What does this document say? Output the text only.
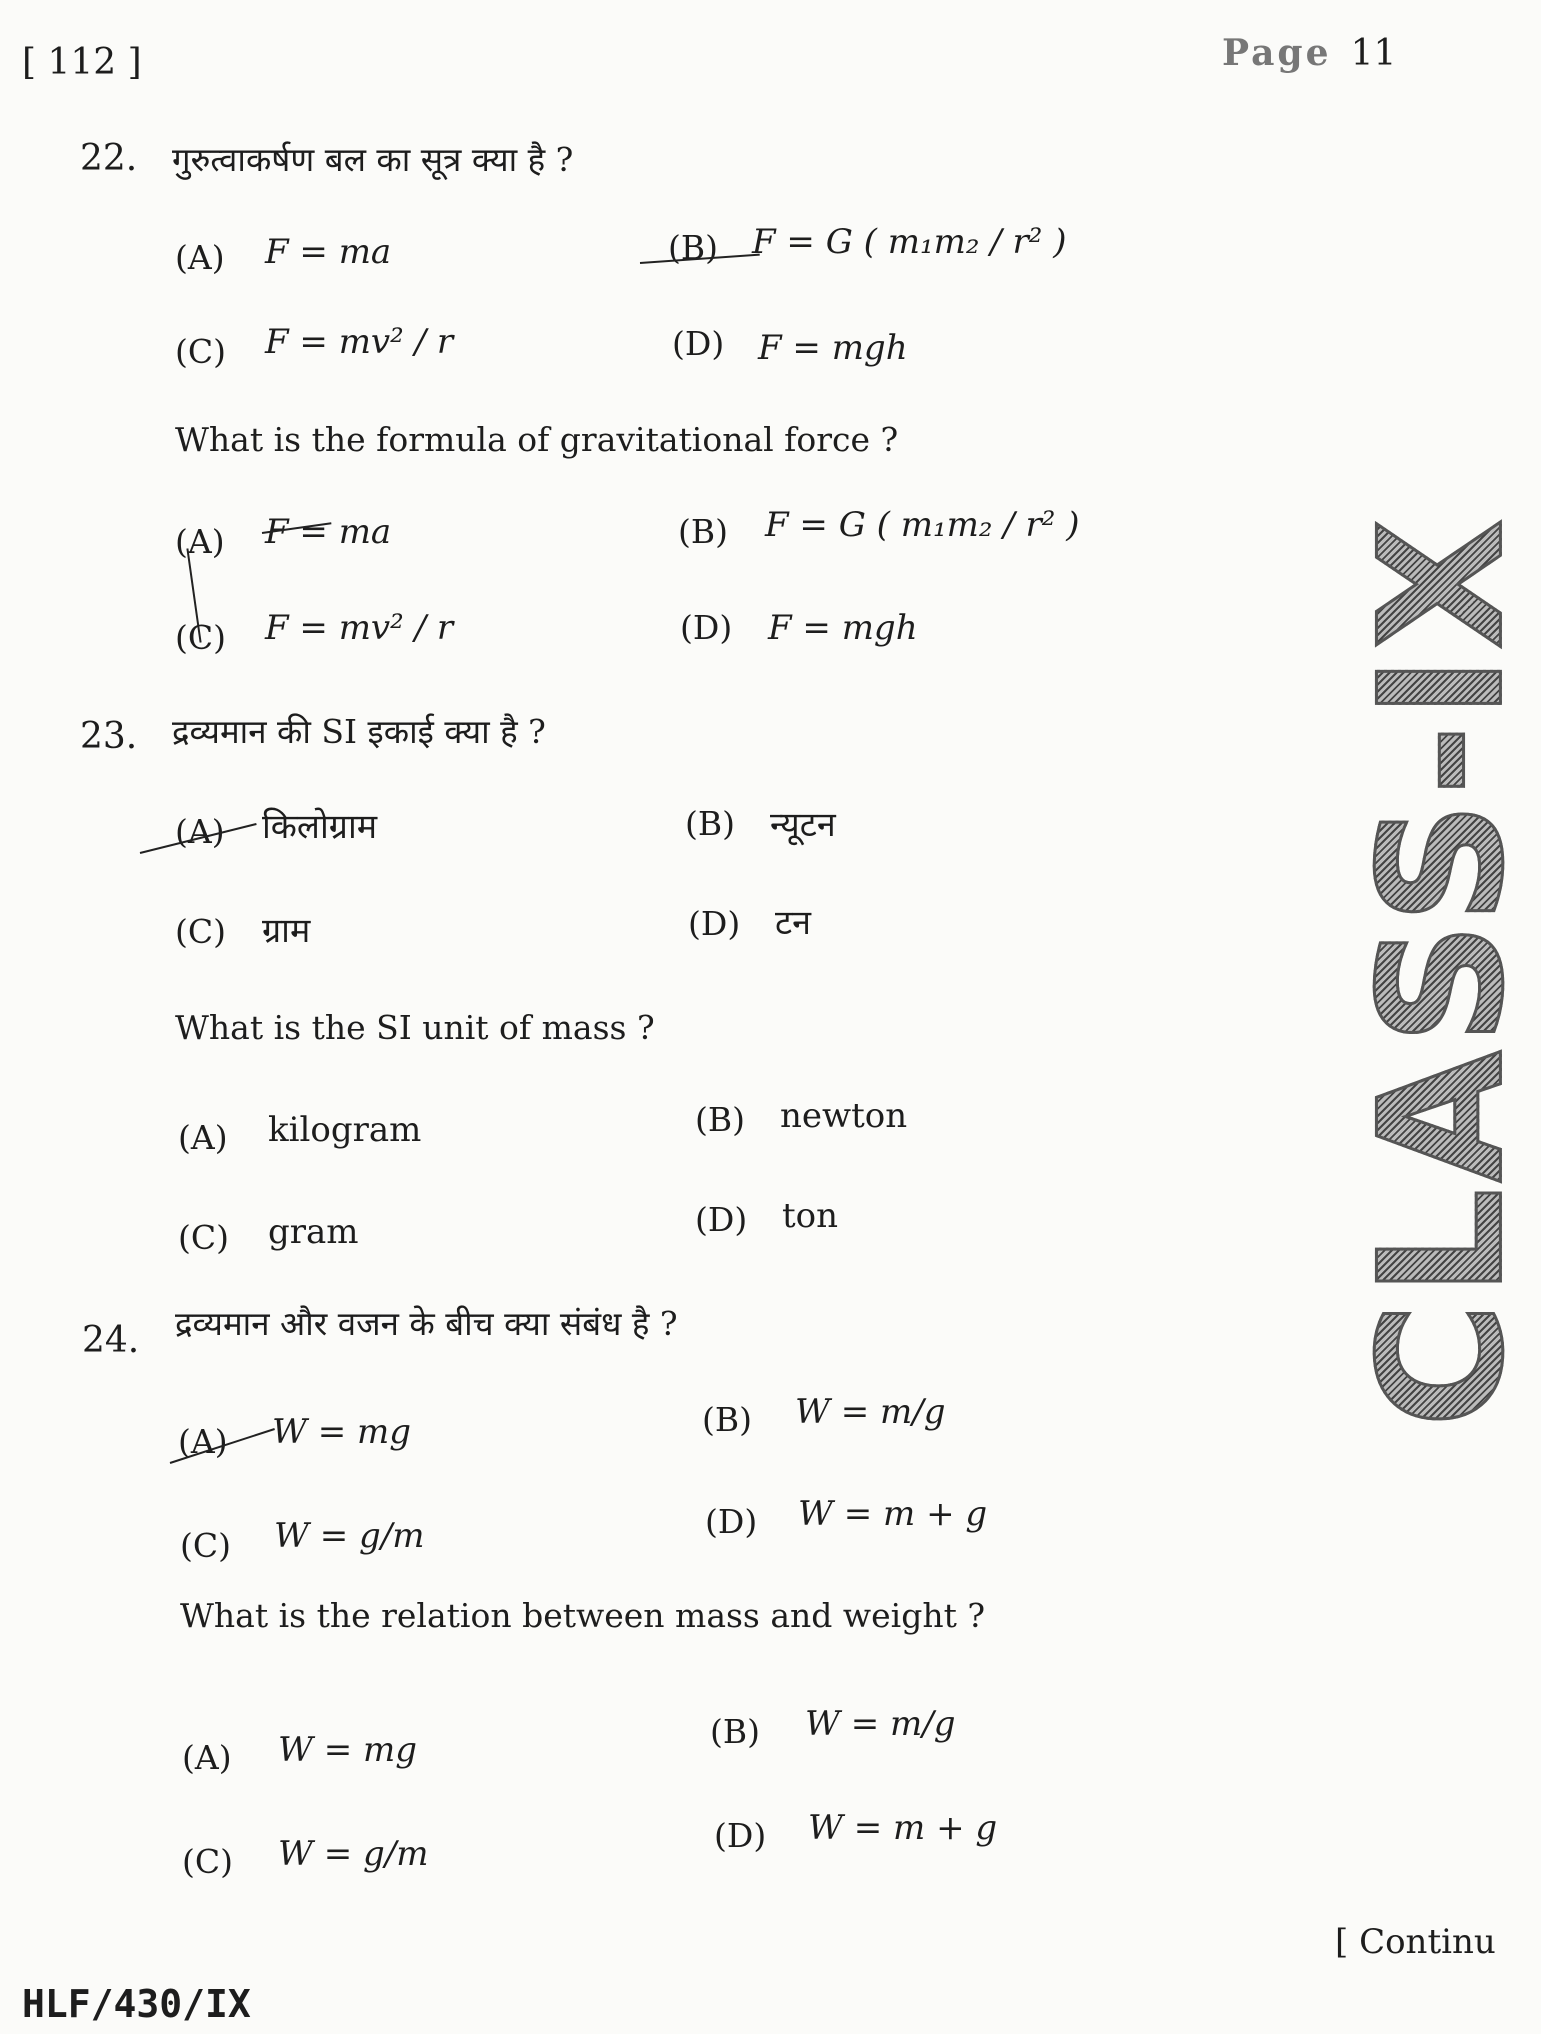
[ 112 ]	Page 11
CLASS-IX
22. गुरुत्वाकर्षण बल का सूत्र क्या है ?
(A) F = ma	(B) F = G ( m₁m₂ / r² )
(C) F = mv² / r	(D) F = mgh
What is the formula of gravitational force ?
(A) F = ma	(B) F = G ( m₁m₂ / r² )
(C) F = mv² / r	(D) F = mgh
23. द्रव्यमान की SI इकाई क्या है ?
(A) किलोग्राम	(B) न्यूटन
(C) ग्राम	(D) टन
What is the SI unit of mass ?
(A) kilogram	(B) newton
(C) gram	(D) ton
24. द्रव्यमान और वजन के बीच क्या संबंध है ?
(A) W = mg	(B) W = m/g
(C) W = g/m	(D) W = m + g
What is the relation between mass and weight ?
(A) W = mg	(B) W = m/g
(C) W = g/m	(D) W = m + g
[ Continu
HLF/430/IX
